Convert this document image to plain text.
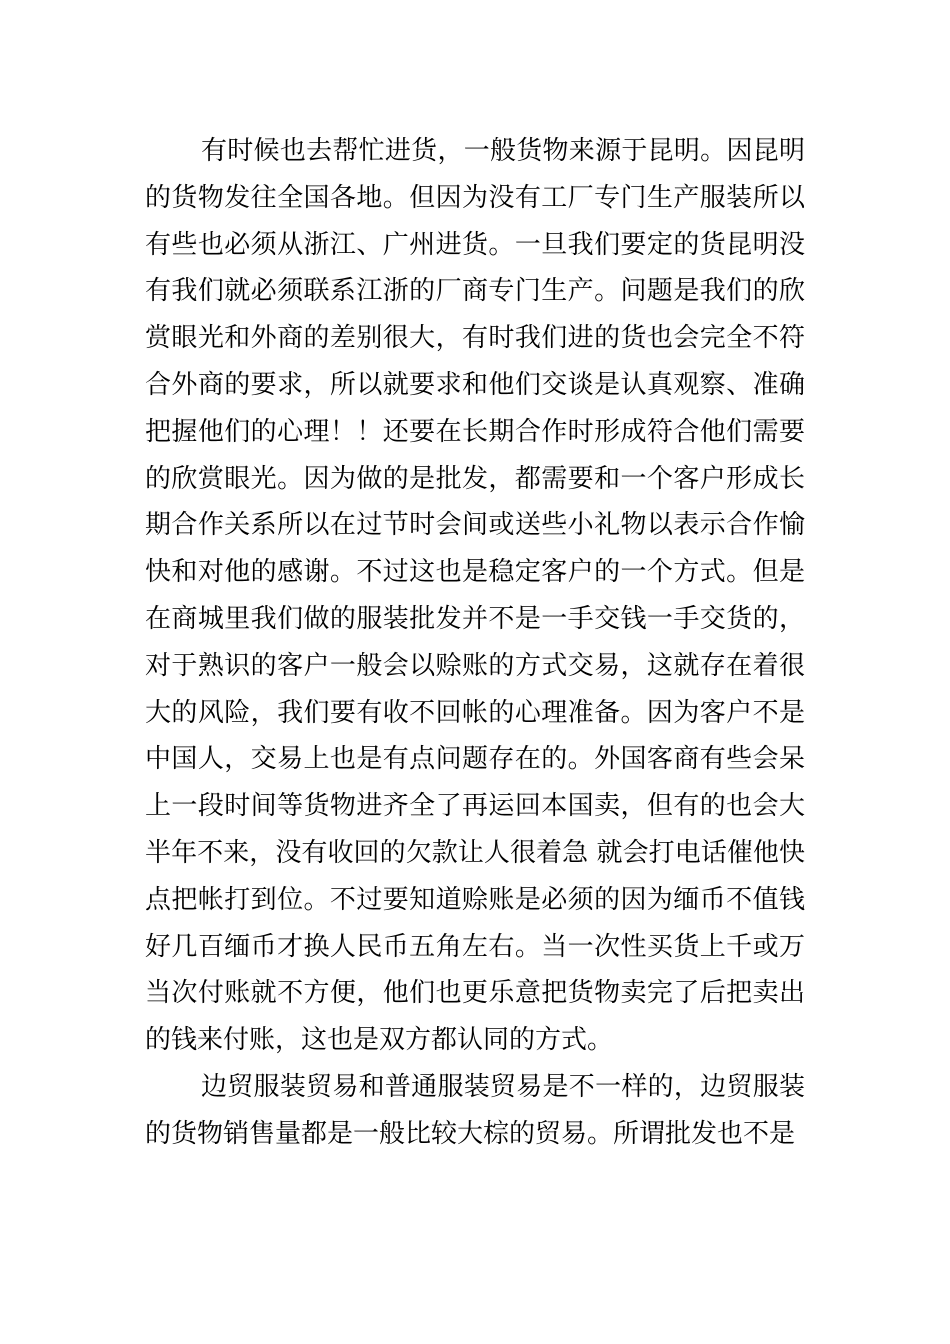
有时候也去帮忙进货，一般货物来源于昆明。因昆明
的货物发往全国各地。但因为没有工厂专门生产服装所以
有些也必须从浙江、广州进货。一旦我们要定的货昆明没
有我们就必须联系江浙的厂商专门生产。问题是我们的欣
赏眼光和外商的差别很大，有时我们进的货也会完全不符
合外商的要求，所以就要求和他们交谈是认真观察、准确
把握他们的心理！！还要在长期合作时形成符合他们需要
的欣赏眼光。因为做的是批发，都需要和一个客户形成长
期合作关系所以在过节时会间或送些小礼物以表示合作愉
快和对他的感谢。不过这也是稳定客户的一个方式。但是
在商城里我们做的服装批发并不是一手交钱一手交货的，
对于熟识的客户一般会以赊账的方式交易，这就存在着很
大的风险，我们要有收不回帐的心理准备。因为客户不是
中国人，交易上也是有点问题存在的。外国客商有些会呆
上一段时间等货物进齐全了再运回本国卖，但有的也会大
半年不来，没有收回的欠款让人很着急 就会打电话催他快
点把帐打到位。不过要知道赊账是必须的因为缅币不值钱
好几百缅币才换人民币五角左右。当一次性买货上千或万
当次付账就不方便，他们也更乐意把货物卖完了后把卖出
的钱来付账，这也是双方都认同的方式。
边贸服装贸易和普通服装贸易是不一样的，边贸服装
的货物销售量都是一般比较大棕的贸易。所谓批发也不是
